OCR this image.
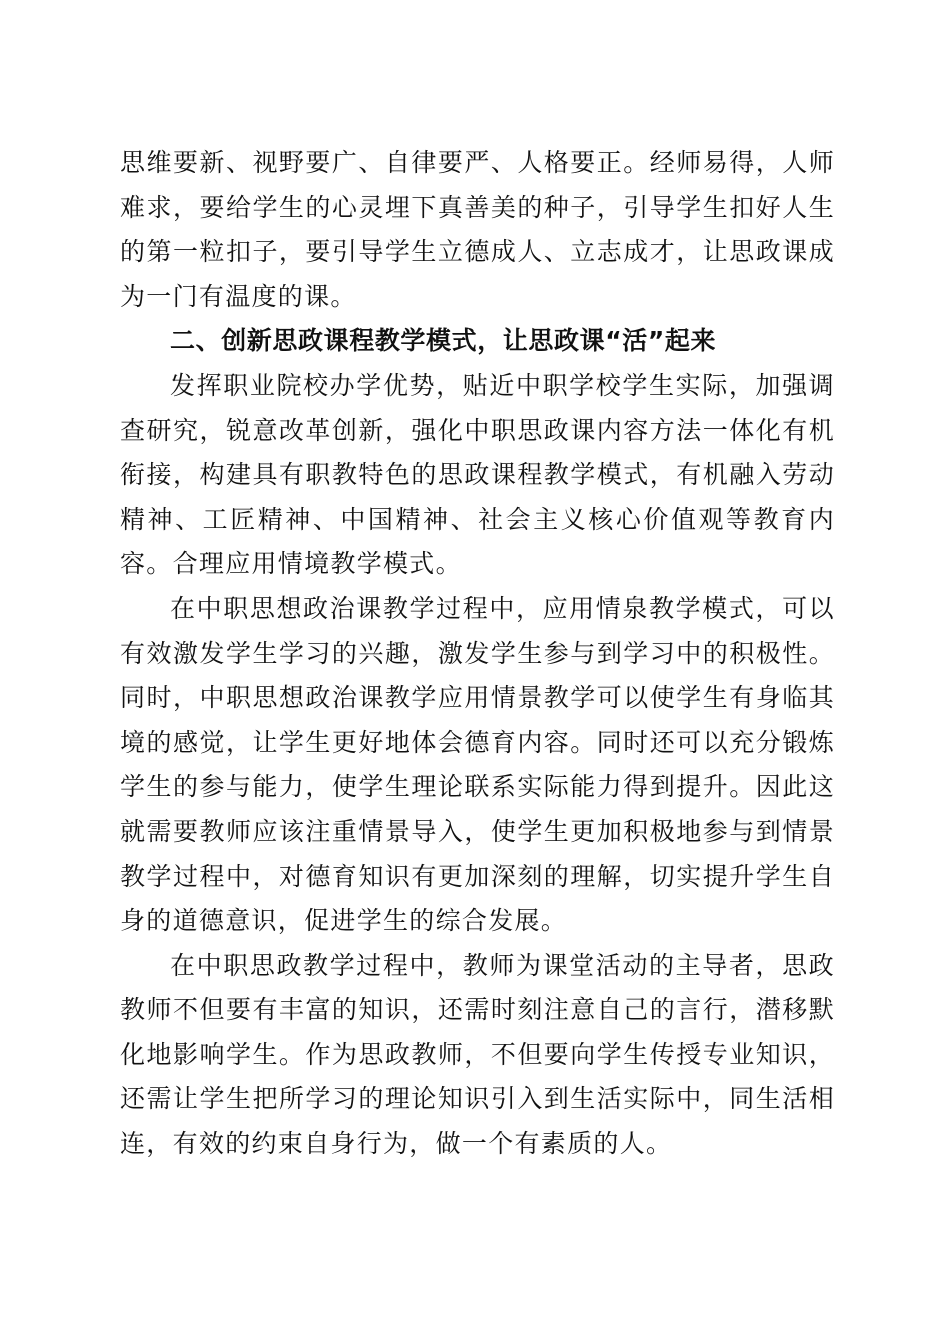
思维要新、视野要广、自律要严、人格要正。经师易得，人师难求，要给学生的心灵埋下真善美的种子，引导学生扣好人生的第一粒扣子，要引导学生立德成人、立志成才，让思政课成为一门有温度的课。

二、创新思政课程教学模式，让思政课“活”起来

发挥职业院校办学优势，贴近中职学校学生实际，加强调查研究，锐意改革创新，强化中职思政课内容方法一体化有机衔接，构建具有职教特色的思政课程教学模式，有机融入劳动精神、工匠精神、中国精神、社会主义核心价值观等教育内容。合理应用情境教学模式。

在中职思想政治课教学过程中，应用情泉教学模式，可以有效激发学生学习的兴趣，激发学生参与到学习中的积极性。同时，中职思想政治课教学应用情景教学可以使学生有身临其境的感觉，让学生更好地体会德育内容。同时还可以充分锻炼学生的参与能力，使学生理论联系实际能力得到提升。因此这就需要教师应该注重情景导入，使学生更加积极地参与到情景教学过程中，对德育知识有更加深刻的理解，切实提升学生自身的道德意识，促进学生的综合发展。

在中职思政教学过程中，教师为课堂活动的主导者，思政教师不但要有丰富的知识，还需时刻注意自己的言行，潜移默化地影响学生。作为思政教师，不但要向学生传授专业知识，还需让学生把所学习的理论知识引入到生活实际中，同生活相连，有效的约束自身行为，做一个有素质的人。
